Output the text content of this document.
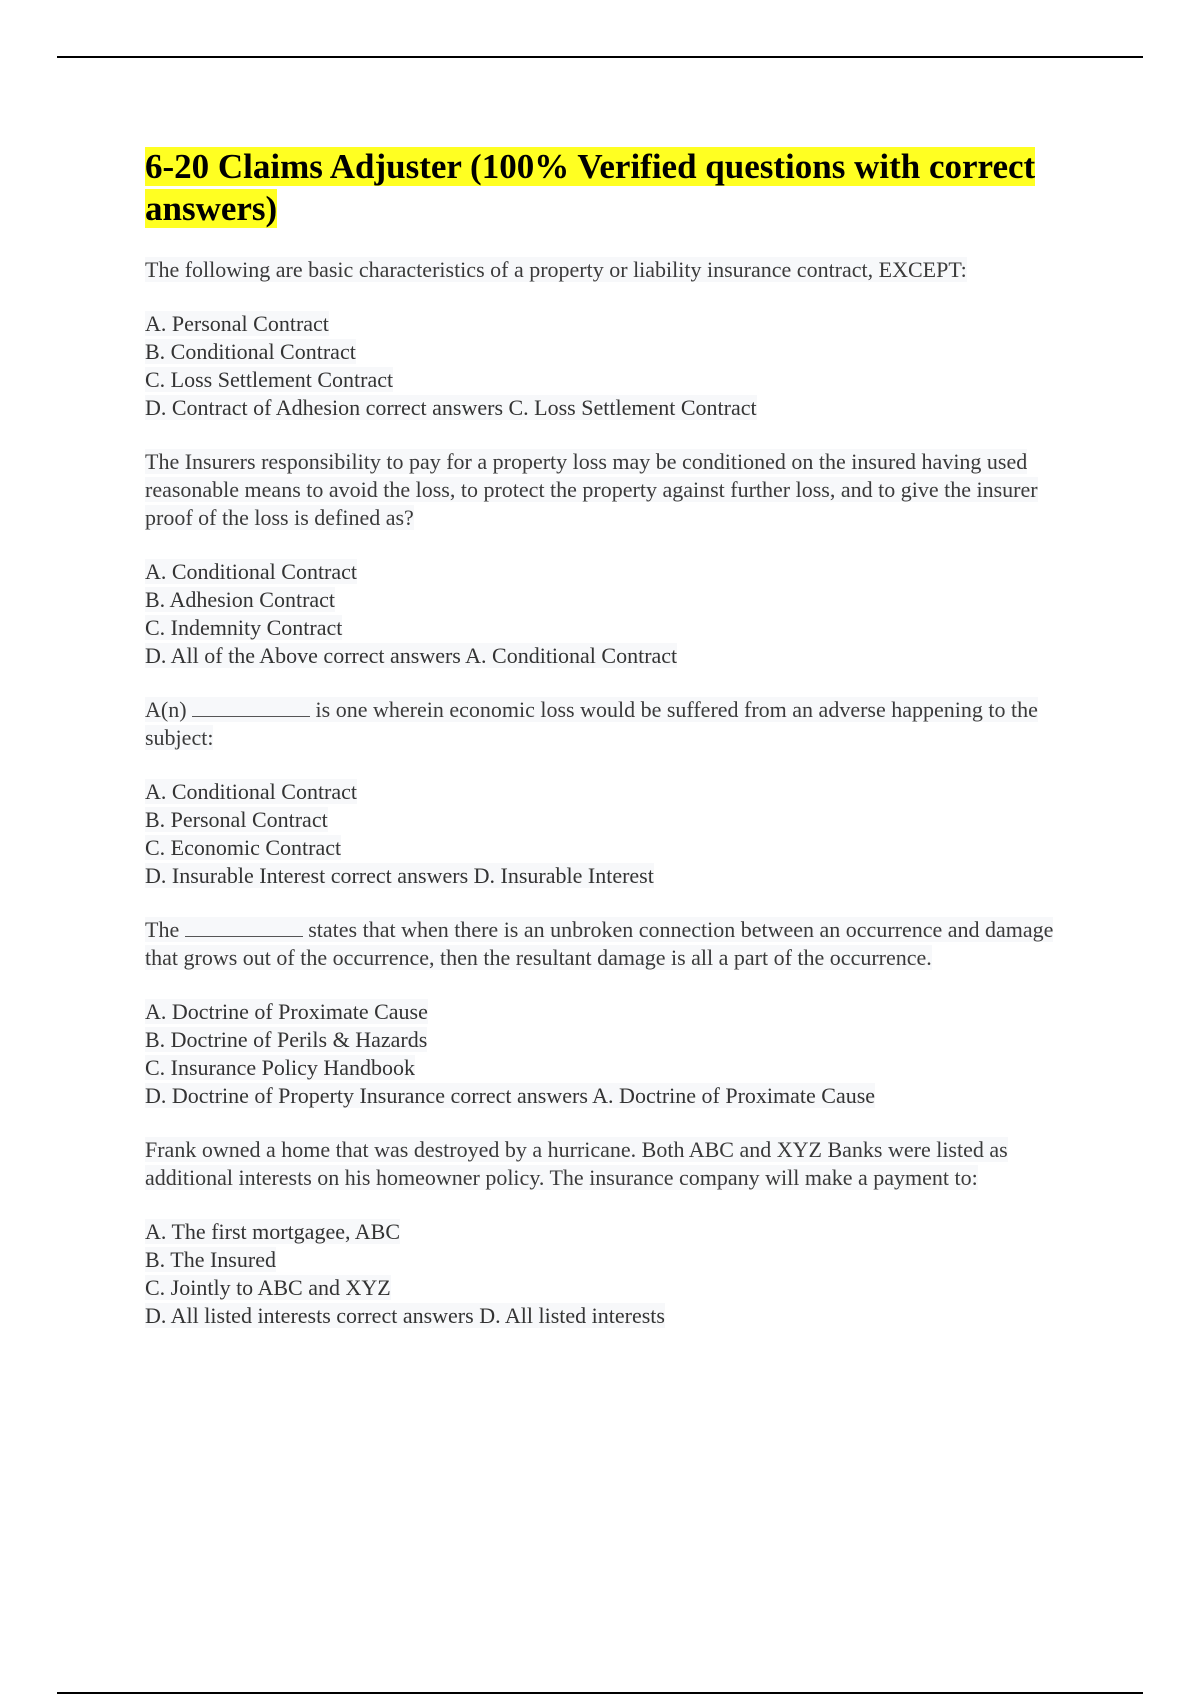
6-20 Claims Adjuster (100% Verified questions with correct answers)

The following are basic characteristics of a property or liability insurance contract, EXCEPT:

A. Personal Contract
B. Conditional Contract
C. Loss Settlement Contract
D. Contract of Adhesion correct answers C. Loss Settlement Contract

The Insurers responsibility to pay for a property loss may be conditioned on the insured having used reasonable means to avoid the loss, to protect the property against further loss, and to give the insurer proof of the loss is defined as?

A. Conditional Contract
B. Adhesion Contract
C. Indemnity Contract
D. All of the Above correct answers A. Conditional Contract

A(n)	is one wherein economic loss would be suffered from an adverse happening to the subject:

A. Conditional Contract
B. Personal Contract
C. Economic Contract
D. Insurable Interest correct answers D. Insurable Interest

The	states that when there is an unbroken connection between an occurrence and damage that grows out of the occurrence, then the resultant damage is all a part of the occurrence.

A. Doctrine of Proximate Cause
B. Doctrine of Perils & Hazards
C. Insurance Policy Handbook
D. Doctrine of Property Insurance correct answers A. Doctrine of Proximate Cause

Frank owned a home that was destroyed by a hurricane. Both ABC and XYZ Banks were listed as additional interests on his homeowner policy. The insurance company will make a payment to:

A. The first mortgagee, ABC
B. The Insured
C. Jointly to ABC and XYZ
D. All listed interests correct answers D. All listed interests
